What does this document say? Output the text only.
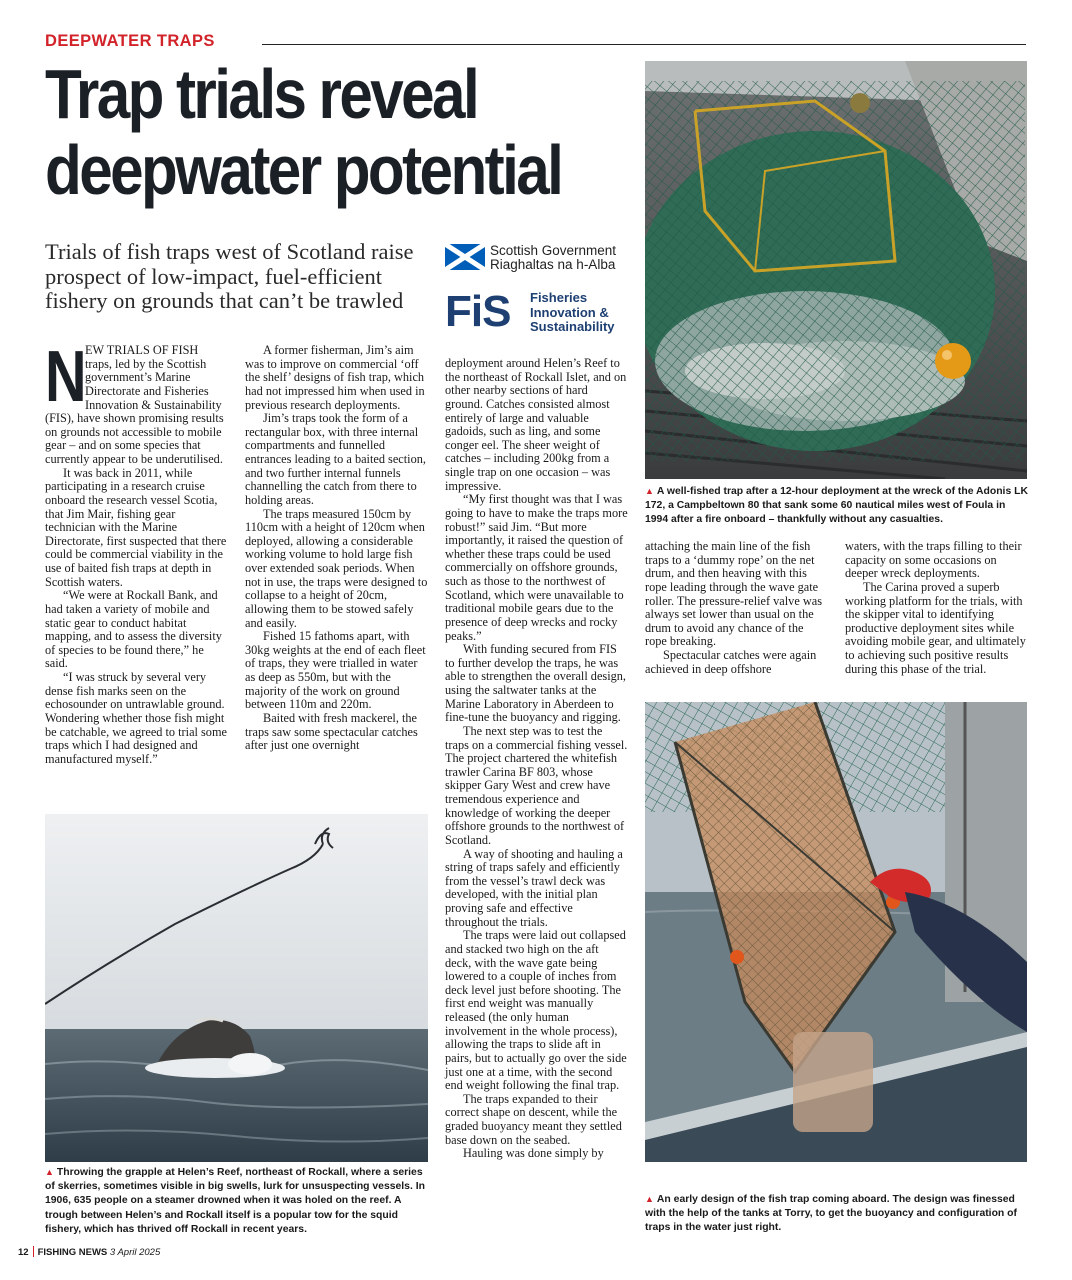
DEEPWATER TRAPS
Trap trials reveal
deepwater potential
Trials of fish traps west of Scotland raise prospect of low-impact, fuel-efficient fishery on grounds that can’t be trawled
Scottish Government
Riaghaltas na h-Alba
FiS Fisheries
Innovation &
Sustainability
▲ A well-fished trap after a 12-hour deployment at the wreck of the Adonis LK 172, a Campbeltown 80 that sank some 60 nautical miles west of Foula in 1994 after a fire onboard – thankfully without any casualties.
N

EW TRIALS OF FISH traps, led by the Scottish government’s Marine Directorate and Fisheries Innovation & Sustainability (FIS), have shown promising results on grounds not accessible to mobile gear – and on some species that currently appear to be underutilised.

It was back in 2011, while participating in a research cruise onboard the research vessel Scotia, that Jim Mair, fishing gear technician with the Marine Directorate, first suspected that there could be commercial viability in the use of baited fish traps at depth in Scottish waters.

“We were at Rockall Bank, and had taken a variety of mobile and static gear to conduct habitat mapping, and to assess the diversity of species to be found there,” he said.

“I was struck by several very dense fish marks seen on the echosounder on untrawlable ground. Wondering whether those fish might be catchable, we agreed to trial some traps which I had designed and manufactured myself.”

A former fisherman, Jim’s aim was to improve on commercial ‘off the shelf’ designs of fish trap, which had not impressed him when used in previous research deployments.

Jim’s traps took the form of a rectangular box, with three internal compartments and funnelled entrances leading to a baited section, and two further internal funnels channelling the catch from there to holding areas.

The traps measured 150cm by 110cm with a height of 120cm when deployed, allowing a considerable working volume to hold large fish over extended soak periods. When not in use, the traps were designed to collapse to a height of 20cm, allowing them to be stowed safely and easily.

Fished 15 fathoms apart, with 30kg weights at the end of each fleet of traps, they were trialled in water as deep as 550m, but with the majority of the work on ground between 110m and 220m.

Baited with fresh mackerel, the traps saw some spectacular catches after just one overnight

deployment around Helen’s Reef to the northeast of Rockall Islet, and on other nearby sections of hard ground. Catches consisted almost entirely of large and valuable gadoids, such as ling, and some conger eel. The sheer weight of catches – including 200kg from a single trap on one occasion – was impressive.

“My first thought was that I was going to have to make the traps more robust!” said Jim. “But more importantly, it raised the question of whether these traps could be used commercially on offshore grounds, such as those to the northwest of Scotland, which were unavailable to traditional mobile gears due to the presence of deep wrecks and rocky peaks.”

With funding secured from FIS to further develop the traps, he was able to strengthen the overall design, using the saltwater tanks at the Marine Laboratory in Aberdeen to fine-tune the buoyancy and rigging.

The next step was to test the traps on a commercial fishing vessel. The project chartered the whitefish trawler Carina BF 803, whose skipper Gary West and crew have tremendous experience and knowledge of working the deeper offshore grounds to the northwest of Scotland.

A way of shooting and hauling a string of traps safely and efficiently from the vessel’s trawl deck was developed, with the initial plan proving safe and effective throughout the trials.

The traps were laid out collapsed and stacked two high on the aft deck, with the wave gate being lowered to a couple of inches from deck level just before shooting. The first end weight was manually released (the only human involvement in the whole process), allowing the traps to slide aft in pairs, but to actually go over the side just one at a time, with the second end weight following the final trap.

The traps expanded to their correct shape on descent, while the graded buoyancy meant they settled base down on the seabed.

Hauling was done simply by

attaching the main line of the fish traps to a ‘dummy rope’ on the net drum, and then heaving with this rope leading through the wave gate roller. The pressure-relief valve was always set lower than usual on the drum to avoid any chance of the rope breaking.

Spectacular catches were again achieved in deep offshore

waters, with the traps filling to their capacity on some occasions on deeper wreck deployments.

The Carina proved a superb working platform for the trials, with the skipper vital to identifying productive deployment sites while avoiding mobile gear, and ultimately to achieving such positive results during this phase of the trial.

▲ Throwing the grapple at Helen’s Reef, northeast of Rockall, where a series of skerries, sometimes visible in big swells, lurk for unsuspecting vessels. In 1906, 635 people on a steamer drowned when it was holed on the reef. A trough between Helen’s and Rockall itself is a popular tow for the squid fishery, which has thrived off Rockall in recent years.
▲ An early design of the fish trap coming aboard. The design was finessed with the help of the tanks at Torry, to get the buoyancy and configuration of traps in the water just right.
12 FISHING NEWS 3 April 2025
